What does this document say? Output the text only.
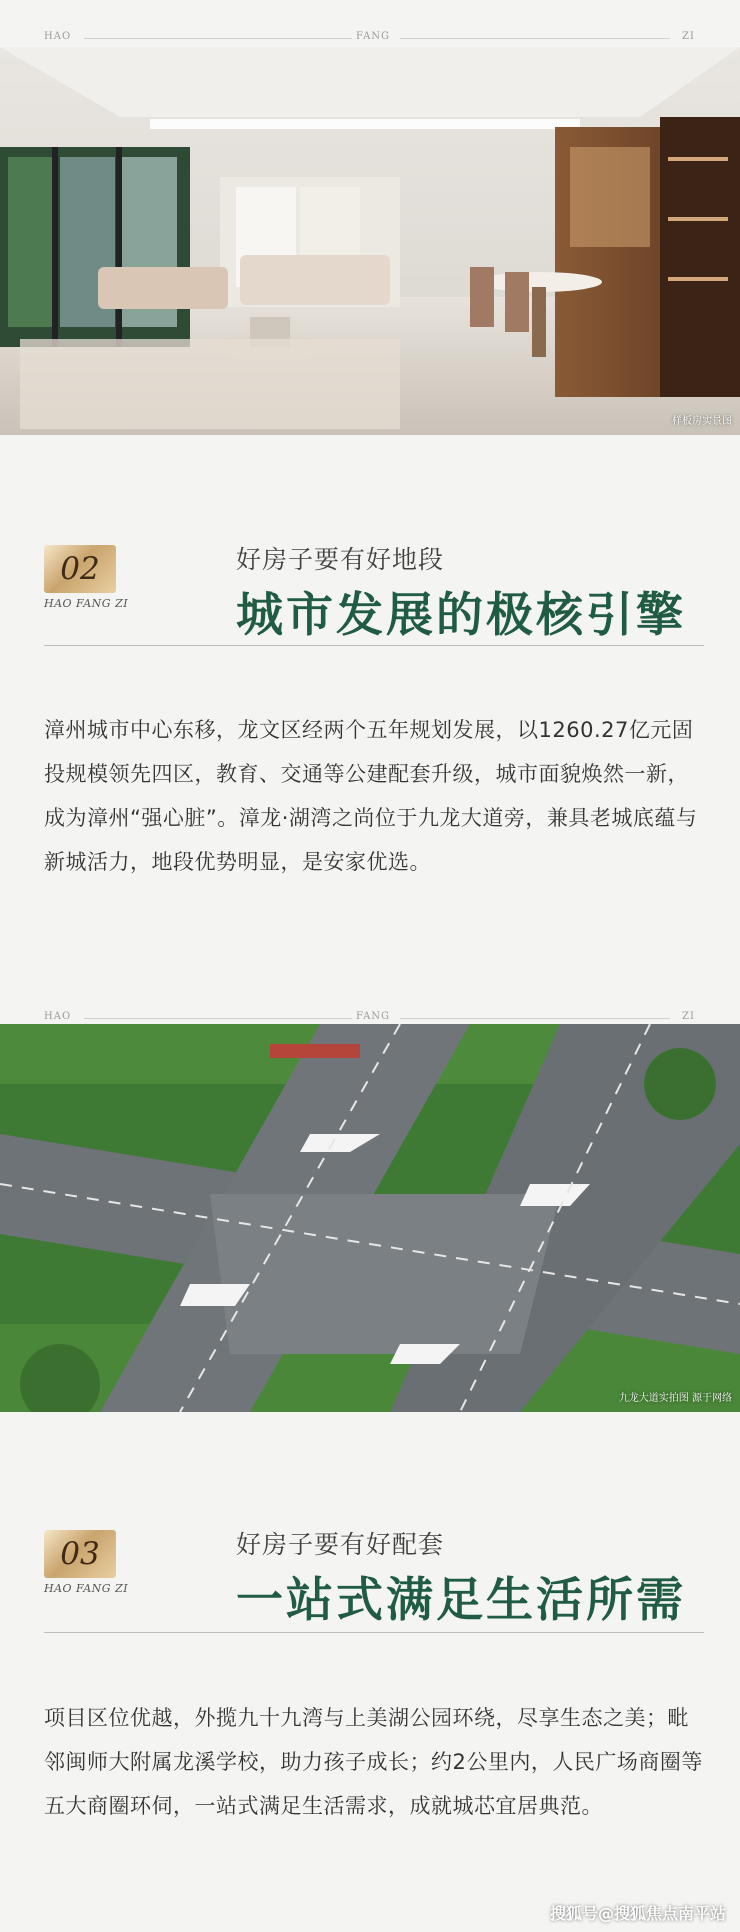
HAO	FANG	ZI
样板房实景图
02
HAO FANG ZI
好房子要有好地段
城市发展的极核引擎

漳州城市中心东移，龙文区经两个五年规划发展，以1260.27亿元固投规模领先四区，教育、交通等公建配套升级，城市面貌焕然一新，成为漳州“强心脏”。漳龙·湖湾之尚位于九龙大道旁，兼具老城底蕴与新城活力，地段优势明显，是安家优选。

HAO	FANG	ZI
九龙大道实拍图 源于网络
03
HAO FANG ZI
好房子要有好配套
一站式满足生活所需

项目区位优越，外揽九十九湾与上美湖公园环绕，尽享生态之美；毗邻闽师大附属龙溪学校，助力孩子成长；约2公里内，人民广场商圈等五大商圈环伺，一站式满足生活需求，成就城芯宜居典范。

搜狐号@搜狐焦点南平站
